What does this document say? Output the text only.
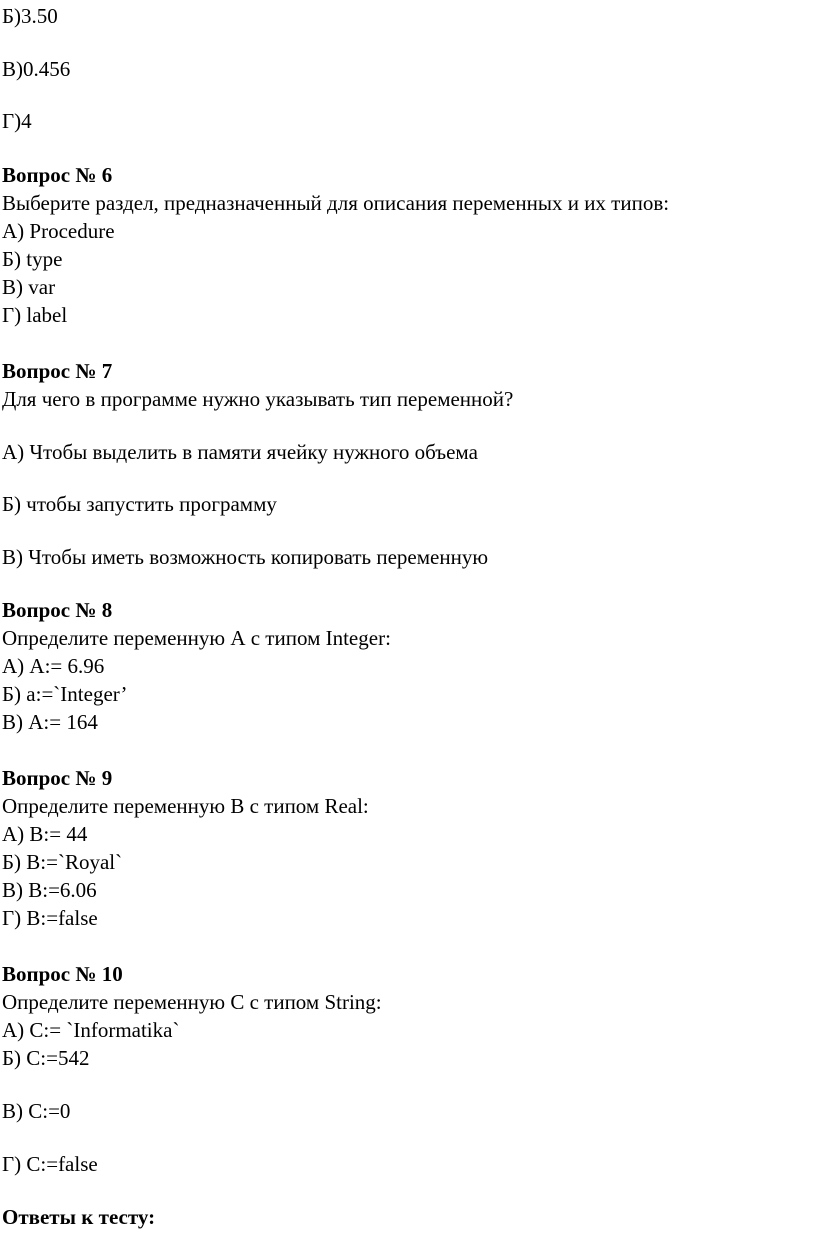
Б)3.50
В)0.456
Г)4
Вопрос № 6
Выберите раздел, предназначенный для описания переменных и их типов:
А) Procedure
Б) type
В) var
Г) label
Вопрос № 7
Для чего в программе нужно указывать тип переменной?
А) Чтобы выделить в памяти ячейку нужного объема
Б) чтобы запустить программу
В) Чтобы иметь возможность копировать переменную
Вопрос № 8
Определите переменную А с типом Integer:
А) A:= 6.96
Б) a:=`Integer’
В) A:= 164
Вопрос № 9
Определите переменную B с типом Real:
А) B:= 44
Б) B:=`Royal`
В) B:=6.06
Г) B:=false
Вопрос № 10
Определите переменную C с типом String:
А) C:= `Informatika`
Б) C:=542
В) C:=0
Г) C:=false
Ответы к тесту:
